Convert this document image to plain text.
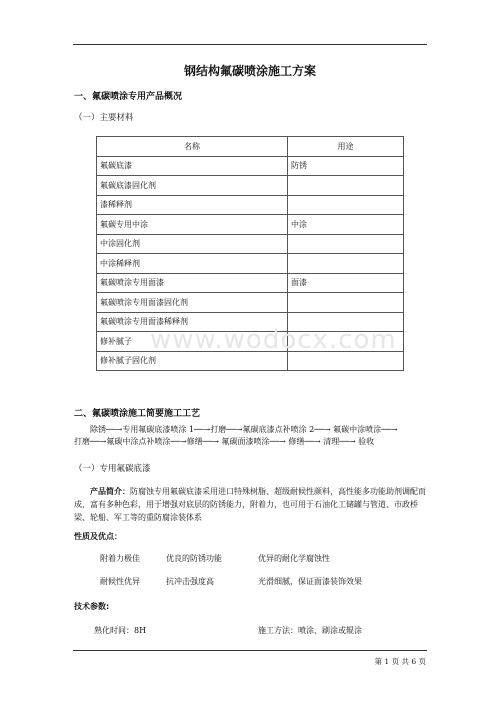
钢结构氟碳喷涂施工方案
一、氟碳喷涂专用产品概况
（一）主要材料
名称	用途
氟碳底漆	防锈
氟碳底漆固化剂	
漆稀释剂	
氟碳专用中涂	中涂
中涂固化剂	
中涂稀释剂	
氟碳喷涂专用面漆	面漆
氟碳喷涂专用面漆固化剂	
氟碳喷涂专用面漆稀释剂	
修补腻子	
修补腻子固化剂	
www.wodocx.com
二、氟碳喷涂施工简要施工工艺
除锈──→专用氟碳底漆喷涂 1──→打磨──→氟碳底漆点补喷涂 2──→ 氟碳中涂喷涂──→
打磨──→氟碳中涂点补喷涂──→修缮──→ 氟碳面漆喷涂──→ 修缮──→ 清理──→ 验收
（一）专用氟碳底漆
产品简介：防腐蚀专用氟碳底漆采用进口特殊树脂、超级耐候性颜料，高性能多功能助剂调配而成，富有多种色彩，用于增强对底层的防锈能力，附着力，也可用于石油化工储罐与管道、市政桥梁、轮船、军工等的重防腐涂装体系
性质及优点：
附着力极佳	优良的防锈功能	优异的耐化学腐蚀性
耐候性优异	抗冲击强度高	光滑细腻，保证面漆装饰效果
技术参数:
熟化时间：8H	施工方法：喷涂、刷涂或辊涂
第 1 页 共 6 页
